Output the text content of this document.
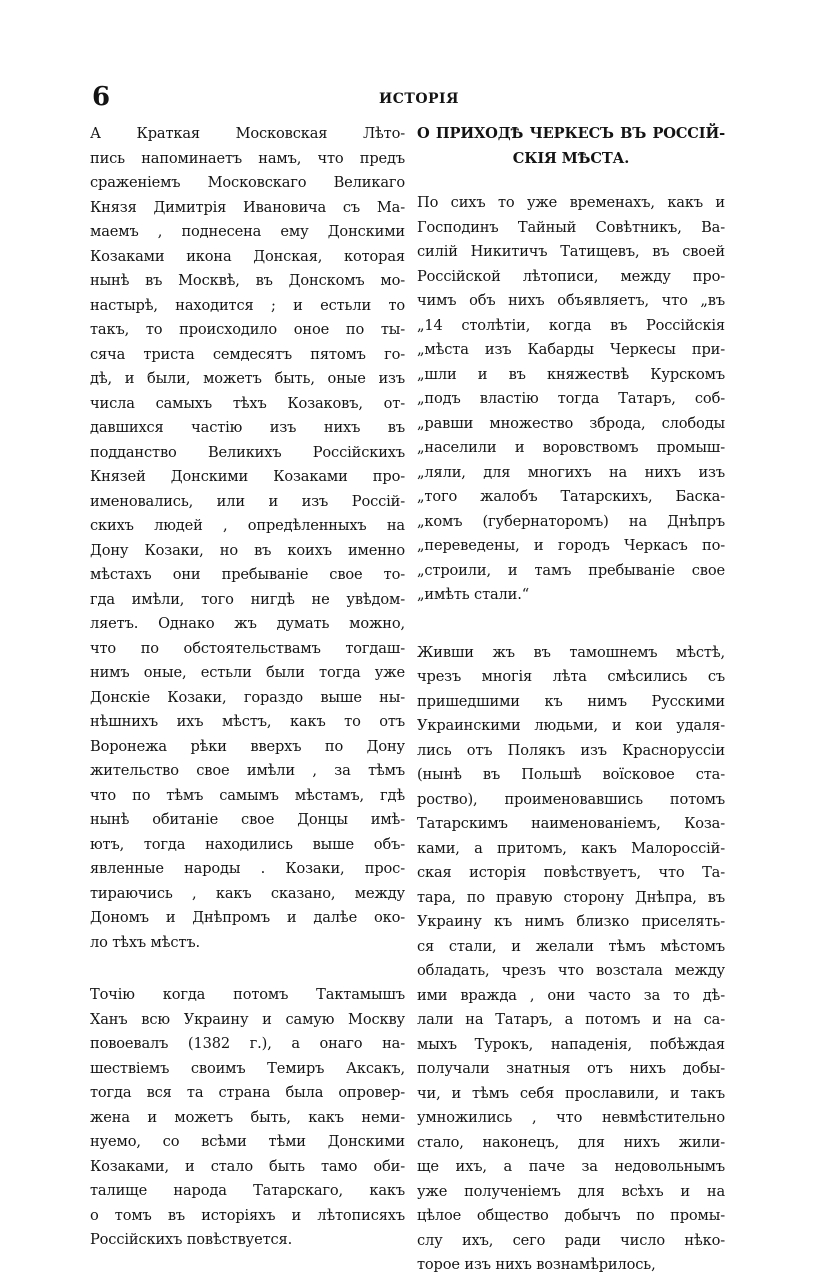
6	ИСТОРІЯ
А Краткая Московская Лѣто-
пись напоминаетъ намъ, что предъ
сраженіемъ Московскаго Великаго
Князя Димитрія Ивановича съ Ма-
маемъ , поднесена ему Донскими
Козаками икона Донская, которая
нынѣ въ Москвѣ, въ Донскомъ мо-
настырѣ, находится ; и естьли то
такъ, то происходило оное по ты-
сяча триста семдесятъ пятомъ го-
дѣ, и были, можетъ быть, оные изъ
числа самыхъ тѣхъ Козаковъ, от-
давшихся частію изъ нихъ въ
подданство Великихъ Россійскихъ
Князей Донскими Козаками про-
именовались, или и изъ Россій-
скихъ людей , опредѣленныхъ на
Дону Козаки, но въ коихъ именно
мѣстахъ они пребываніе свое то-
гда имѣли, того нигдѣ не увѣдом-
ляетъ. Однако жъ думать можно,
что по обстоятельствамъ тогдаш-
нимъ оные, естьли были тогда уже
Донскіе Козаки, гораздо выше ны-
нѣшнихъ ихъ мѣстъ, какъ то отъ
Воронежа рѣки вверхъ по Дону
жительство свое имѣли , за тѣмъ
что по тѣмъ самымъ мѣстамъ, гдѣ
нынѣ обитаніе свое Донцы имѣ-
ютъ, тогда находились выше объ-
явленные народы . Козаки, прос-
тираючись , какъ сказано, между
Дономъ и Днѣпромъ и далѣе око-
ло тѣхъ мѣстъ.
Точію когда потомъ Тактамышъ
Ханъ всю Украину и самую Москву
повоевалъ (1382 г.), а онаго на-
шествіемъ своимъ Темиръ Аксакъ,
тогда вся та страна была опровер-
жена и можетъ быть, какъ неми-
нуемо, со всѣми тѣми Донскими
Козаками, и стало быть тамо оби-
талище народа Татарскаго, какъ
о томъ въ исторіяхъ и лѣтописяхъ
Россійскихъ повѣствуется.
О ПРИХОДѢ ЧЕРКЕСЪ ВЪ РОССІЙ-
СКІЯ МѢСТА.
По сихъ то уже временахъ, какъ и
Господинъ Тайный Совѣтникъ, Ва-
силій Никитичъ Татищевъ, въ своей
Россійской лѣтописи, между про-
чимъ объ нихъ объявляетъ, что „въ
„14 столѣтіи, когда въ Россійскія
„мѣста изъ Кабарды Черкесы при-
„шли и въ княжествѣ Курскомъ
„подъ властію тогда Татаръ, соб-
„равши множество зброда, слободы
„населили и воровствомъ промыш-
„ляли, для многихъ на нихъ изъ
„того жалобъ Татарскихъ, Баска-
„комъ (губернаторомъ) на Днѣпръ
„переведены, и городъ Черкасъ по-
„строили, и тамъ пребываніе свое
„имѣть стали.“
Живши жъ въ тамошнемъ мѣстѣ,
чрезъ многія лѣта смѣсились съ
пришедшими къ нимъ Русскими
Украинскими людьми, и кои удаля-
лись отъ Полякъ изъ Красноруссіи
(нынѣ въ Польшѣ воїсковое ста-
роство), проименовавшись потомъ
Татарскимъ наименованіемъ, Коза-
ками, а притомъ, какъ Малороссій-
ская исторія повѣствуетъ, что Та-
тара, по правую сторону Днѣпра, въ
Украину къ нимъ близко приселять-
ся стали, и желали тѣмъ мѣстомъ
обладать, чрезъ что возстала между
ими вражда , они часто за то дѣ-
лали на Татаръ, а потомъ и на са-
мыхъ Турокъ, нападенія, побѣждая
получали знатныя отъ нихъ добы-
чи, и тѣмъ себя прославили, и такъ
умножились , что невмѣстительно
стало, наконецъ, для нихъ жили-
ще ихъ, а паче за недовольнымъ
уже полученіемъ для всѣхъ и на
цѣлое общество добычъ по промы-
слу ихъ, сего ради число нѣко-
торое изъ нихъ вознамѣрилось,
